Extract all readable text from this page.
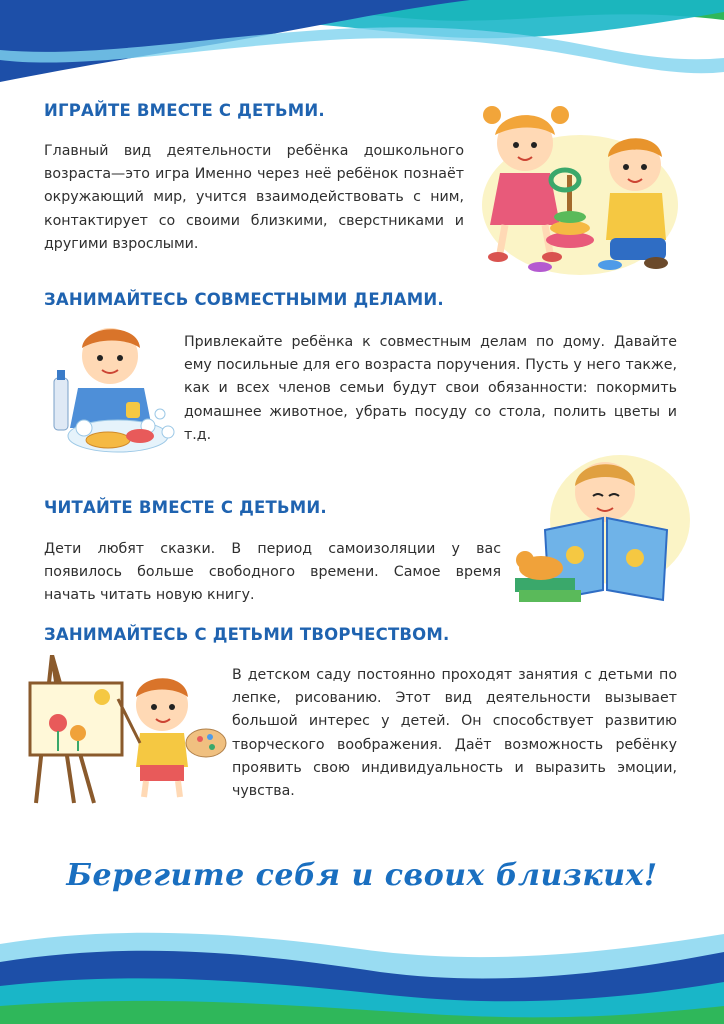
ИГРАЙТЕ ВМЕСТЕ С ДЕТЬМИ.

Главный вид деятельности ребёнка дошкольного возраста—это игра Именно через неё ребёнок познаёт окружающий мир, учится взаимодействовать с ним, контактирует со своими близкими, сверстниками и другими взрослыми.

ЗАНИМАЙТЕСЬ СОВМЕСТНЫМИ ДЕЛАМИ.

Привлекайте ребёнка к совместным делам по дому. Давайте ему посильные для его возраста поручения. Пусть у него также, как и всех членов семьи будут свои обязанности: покормить домашнее животное, убрать посуду со стола, полить цветы и т.д.

ЧИТАЙТЕ ВМЕСТЕ С ДЕТЬМИ.

Дети любят сказки. В период самоизоляции у вас появилось больше свободного времени. Самое время начать читать новую книгу.

ЗАНИМАЙТЕСЬ С ДЕТЬМИ ТВОРЧЕСТВОМ.

В детском саду постоянно проходят занятия с детьми по лепке, рисованию. Этот вид деятельности вызывает большой интерес у детей. Он способствует развитию творческого воображения. Даёт возможность ребёнку проявить свою индивидуальность и выразить эмоции, чувства.

Берегите себя и своих близких!
